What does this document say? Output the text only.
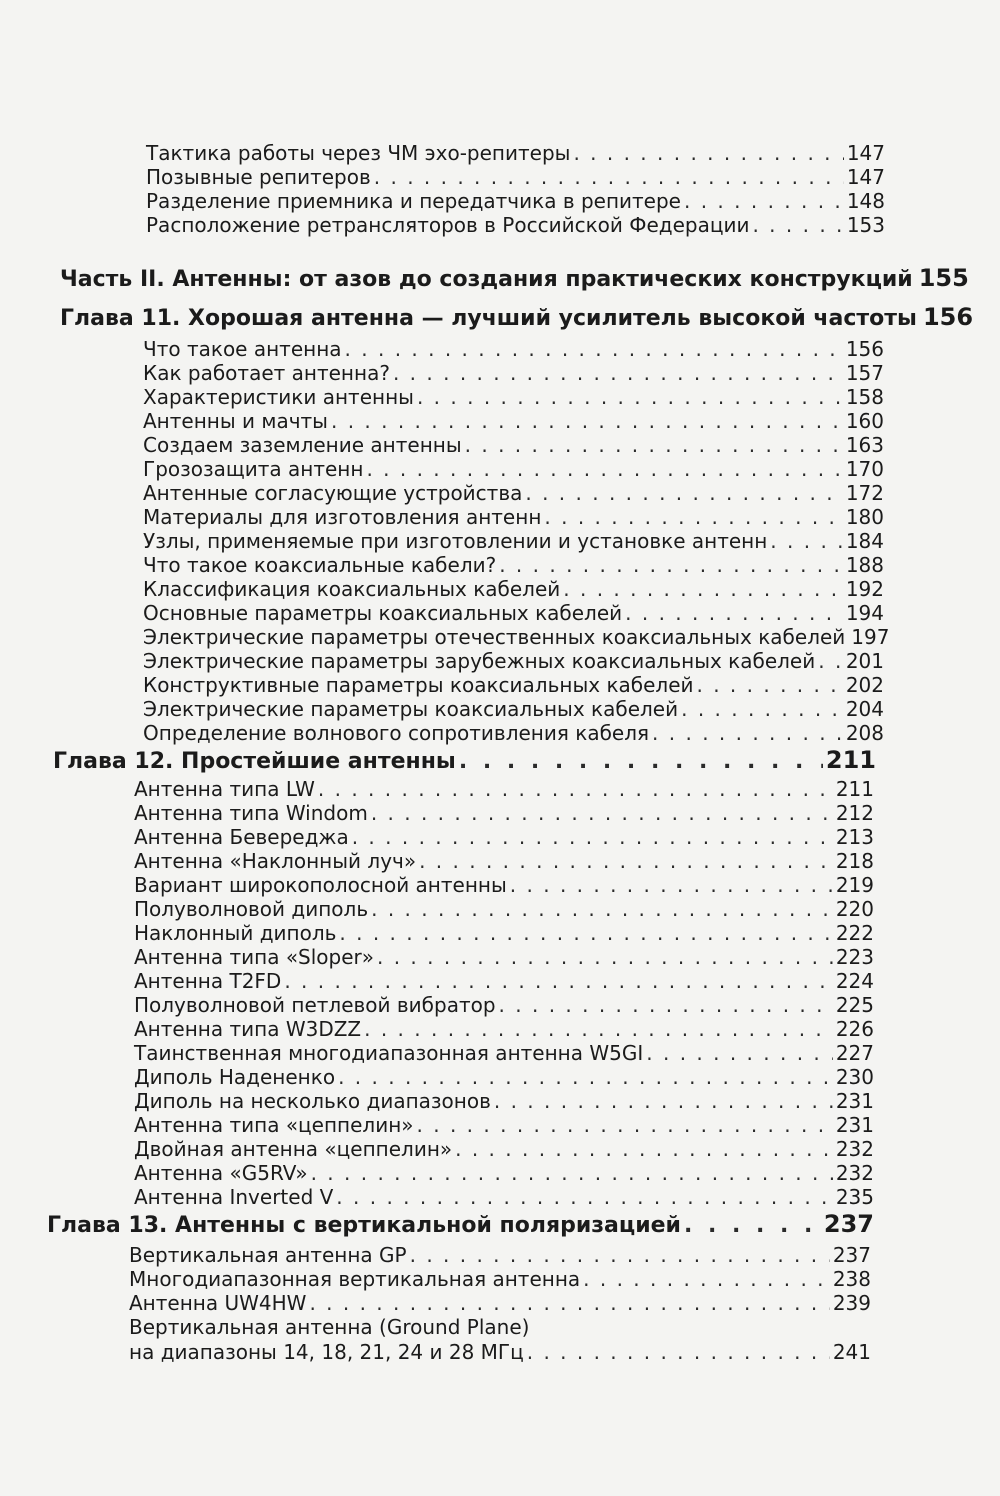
Тактика работы через ЧМ эхо-репитеры . . .	147
Позывные репитеров . . .	147
Разделение приемника и передатчика в репитере . . .	148
Расположение ретрансляторов в Российской Федерации . . .	153
Часть II. Антенны: от азов до создания практических конструкций 155
Глава 11. Хорошая антенна — лучший усилитель высокой частоты 156
Что такое антенна . . .	156
Как работает антенна? . . .	157
Характеристики антенны . . .	158
Антенны и мачты . . .	160
Создаем заземление антенны . . .	163
Грозозащита антенн . . .	170
Антенные согласующие устройства . . .	172
Материалы для изготовления антенн . . .	180
Узлы, применяемые при изготовлении и установке антенн . . .	184
Что такое коаксиальные кабели? . . .	188
Классификация коаксиальных кабелей . . .	192
Основные параметры коаксиальных кабелей . . .	194
Электрические параметры отечественных коаксиальных кабелей 197
Электрические параметры зарубежных коаксиальных кабелей . . . 201
Конструктивные параметры коаксиальных кабелей . . .	202
Электрические параметры коаксиальных кабелей . . .	204
Определение волнового сопротивления кабеля . . .	208
Глава 12. Простейшие антенны . . .	211
Антенна типа LW . . .	211
Антенна типа Windom . . .	212
Антенна Бевереджа . . .	213
Антенна «Наклонный луч» . . .	218
Вариант широкополосной антенны . . .	219
Полуволновой диполь . . .	220
Наклонный диполь . . .	222
Антенна типа «Sloper» . . .	223
Антенна T2FD . . .	224
Полуволновой петлевой вибратор . . .	225
Антенна типа W3DZZ . . .	226
Таинственная многодиапазонная антенна W5GI . . .	227
Диполь Надененко . . .	230
Диполь на несколько диапазонов . . .	231
Антенна типа «цеппелин» . . .	231
Двойная антенна «цеппелин» . . .	232
Антенна «G5RV» . . .	232
Антенна Inverted V . . .	235
Глава 13. Антенны с вертикальной поляризацией . . .	237
Вертикальная антенна GP . . .	237
Многодиапазонная вертикальная антенна . . .	238
Антенна UW4HW . . .	239
Вертикальная антенна (Ground Plane)
на диапазоны 14, 18, 21, 24 и 28 МГц . . .	241
